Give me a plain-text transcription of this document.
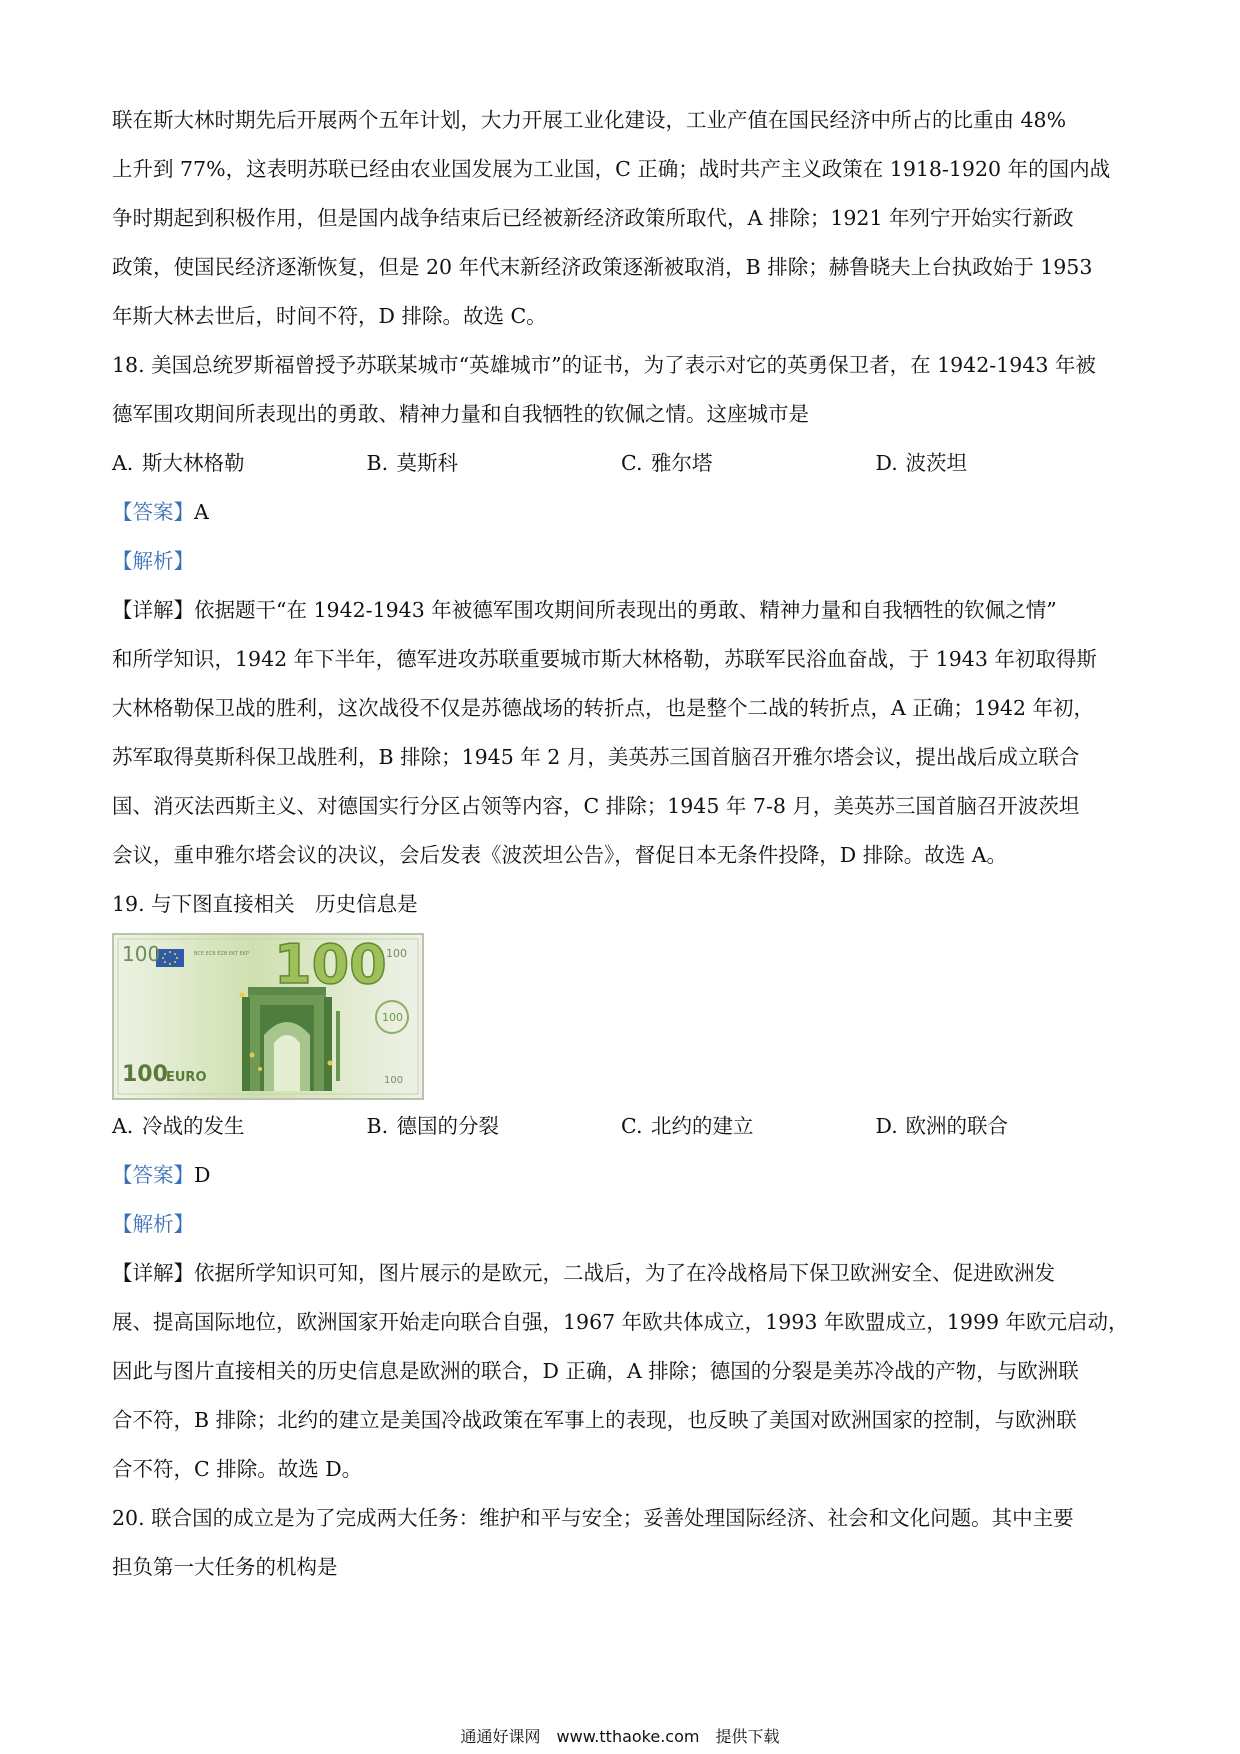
联在斯大林时期先后开展两个五年计划，大力开展工业化建设，工业产值在国民经济中所占的比重由 48%

上升到 77%，这表明苏联已经由农业国发展为工业国，C 正确；战时共产主义政策在 1918-1920 年的国内战

争时期起到积极作用，但是国内战争结束后已经被新经济政策所取代，A 排除；1921 年列宁开始实行新政

政策，使国民经济逐渐恢复，但是 20 年代末新经济政策逐渐被取消，B 排除；赫鲁晓夫上台执政始于 1953

年斯大林去世后，时间不符，D 排除。故选 C。

18. 美国总统罗斯福曾授予苏联某城市“英雄城市”的证书，为了表示对它的英勇保卫者，在 1942-1943 年被

德军围攻期间所表现出的勇敢、精神力量和自我牺牲的钦佩之情。这座城市是

A. 斯大林格勒	B. 莫斯科	C. 雅尔塔	D. 波茨坦

【答案】A

【解析】

【详解】依据题干“在 1942-1943 年被德军围攻期间所表现出的勇敢、精神力量和自我牺牲的钦佩之情”

和所学知识，1942 年下半年，德军进攻苏联重要城市斯大林格勒，苏联军民浴血奋战，于 1943 年初取得斯

大林格勒保卫战的胜利，这次战役不仅是苏德战场的转折点，也是整个二战的转折点，A 正确；1942 年初，

苏军取得莫斯科保卫战胜利，B 排除；1945 年 2 月，美英苏三国首脑召开雅尔塔会议，提出战后成立联合

国、消灭法西斯主义、对德国实行分区占领等内容，C 排除；1945 年 7-8 月，美英苏三国首脑召开波茨坦

会议，重申雅尔塔会议的决议，会后发表《波茨坦公告》，督促日本无条件投降，D 排除。故选 A。

19. 与下图直接相关　历史信息是

100
100	BCE ECB EZB EKT EKP	100
100
100
100
EURO
A. 冷战的发生	B. 德国的分裂	C. 北约的建立	D. 欧洲的联合

【答案】D

【解析】

【详解】依据所学知识可知，图片展示的是欧元，二战后，为了在冷战格局下保卫欧洲安全、促进欧洲发

展、提高国际地位，欧洲国家开始走向联合自强，1967 年欧共体成立，1993 年欧盟成立，1999 年欧元启动，

因此与图片直接相关的历史信息是欧洲的联合，D 正确，A 排除；德国的分裂是美苏冷战的产物，与欧洲联

合不符，B 排除；北约的建立是美国冷战政策在军事上的表现，也反映了美国对欧洲国家的控制，与欧洲联

合不符，C 排除。故选 D。

20. 联合国的成立是为了完成两大任务：维护和平与安全；妥善处理国际经济、社会和文化问题。其中主要

担负第一大任务的机构是

通通好课网　www.tthaoke.com　提供下载
